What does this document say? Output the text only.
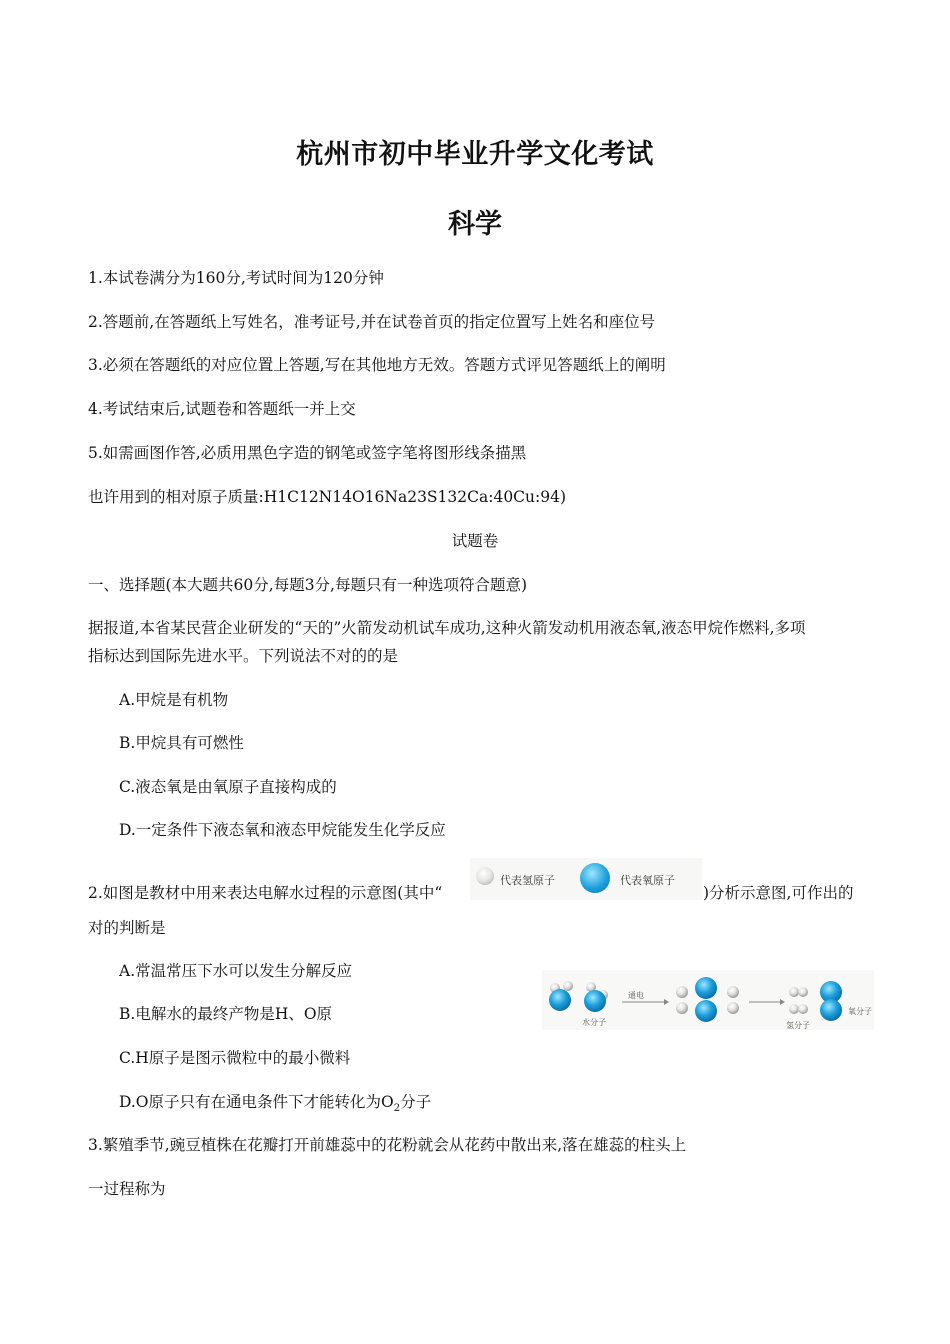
杭州市初中毕业升学文化考试
科学
1.本试卷满分为160分,考试时间为120分钟
2.答题前,在答题纸上写姓名，准考证号,并在试卷首页的指定位置写上姓名和座位号
3.必须在答题纸的对应位置上答题,写在其他地方无效。答题方式评见答题纸上的阐明
4.考试结束后,试题卷和答题纸一并上交
5.如需画图作答,必质用黑色字造的钢笔或签字笔将图形线条描黑
也许用到的相对原子质量:H1C12N14O16Na23S132Ca:40Cu:94)
试题卷
一、选择题(本大题共60分,每题3分,每题只有一种选项符合题意)
据报道,本省某民营企业研发的“天的”火箭发动机试车成功,这种火箭发动机用液态氧,液态甲烷作燃料,多项
指标达到国际先进水平。下列说法不对的的是
A.甲烷是有机物
B.甲烷具有可燃性
C.液态氧是由氧原子直接构成的
D.一定条件下液态氧和液态甲烷能发生化学反应
2.如图是教材中用来表达电解水过程的示意图(其中“
代表氢原子	代表氧原子
)分析示意图,可作出的
对的判断是
A.常温常压下水可以发生分解反应
B.电解水的最终产物是H、O原
C.H原子是图示微粒中的最小微料
D.O原子只有在通电条件下才能转化为$O_2$分子
通电
水分子	氢分子
氧分子
3.繁殖季节,豌豆植株在花瓣打开前雄蕊中的花粉就会从花药中散出来,落在雄蕊的柱头上
一过程称为
